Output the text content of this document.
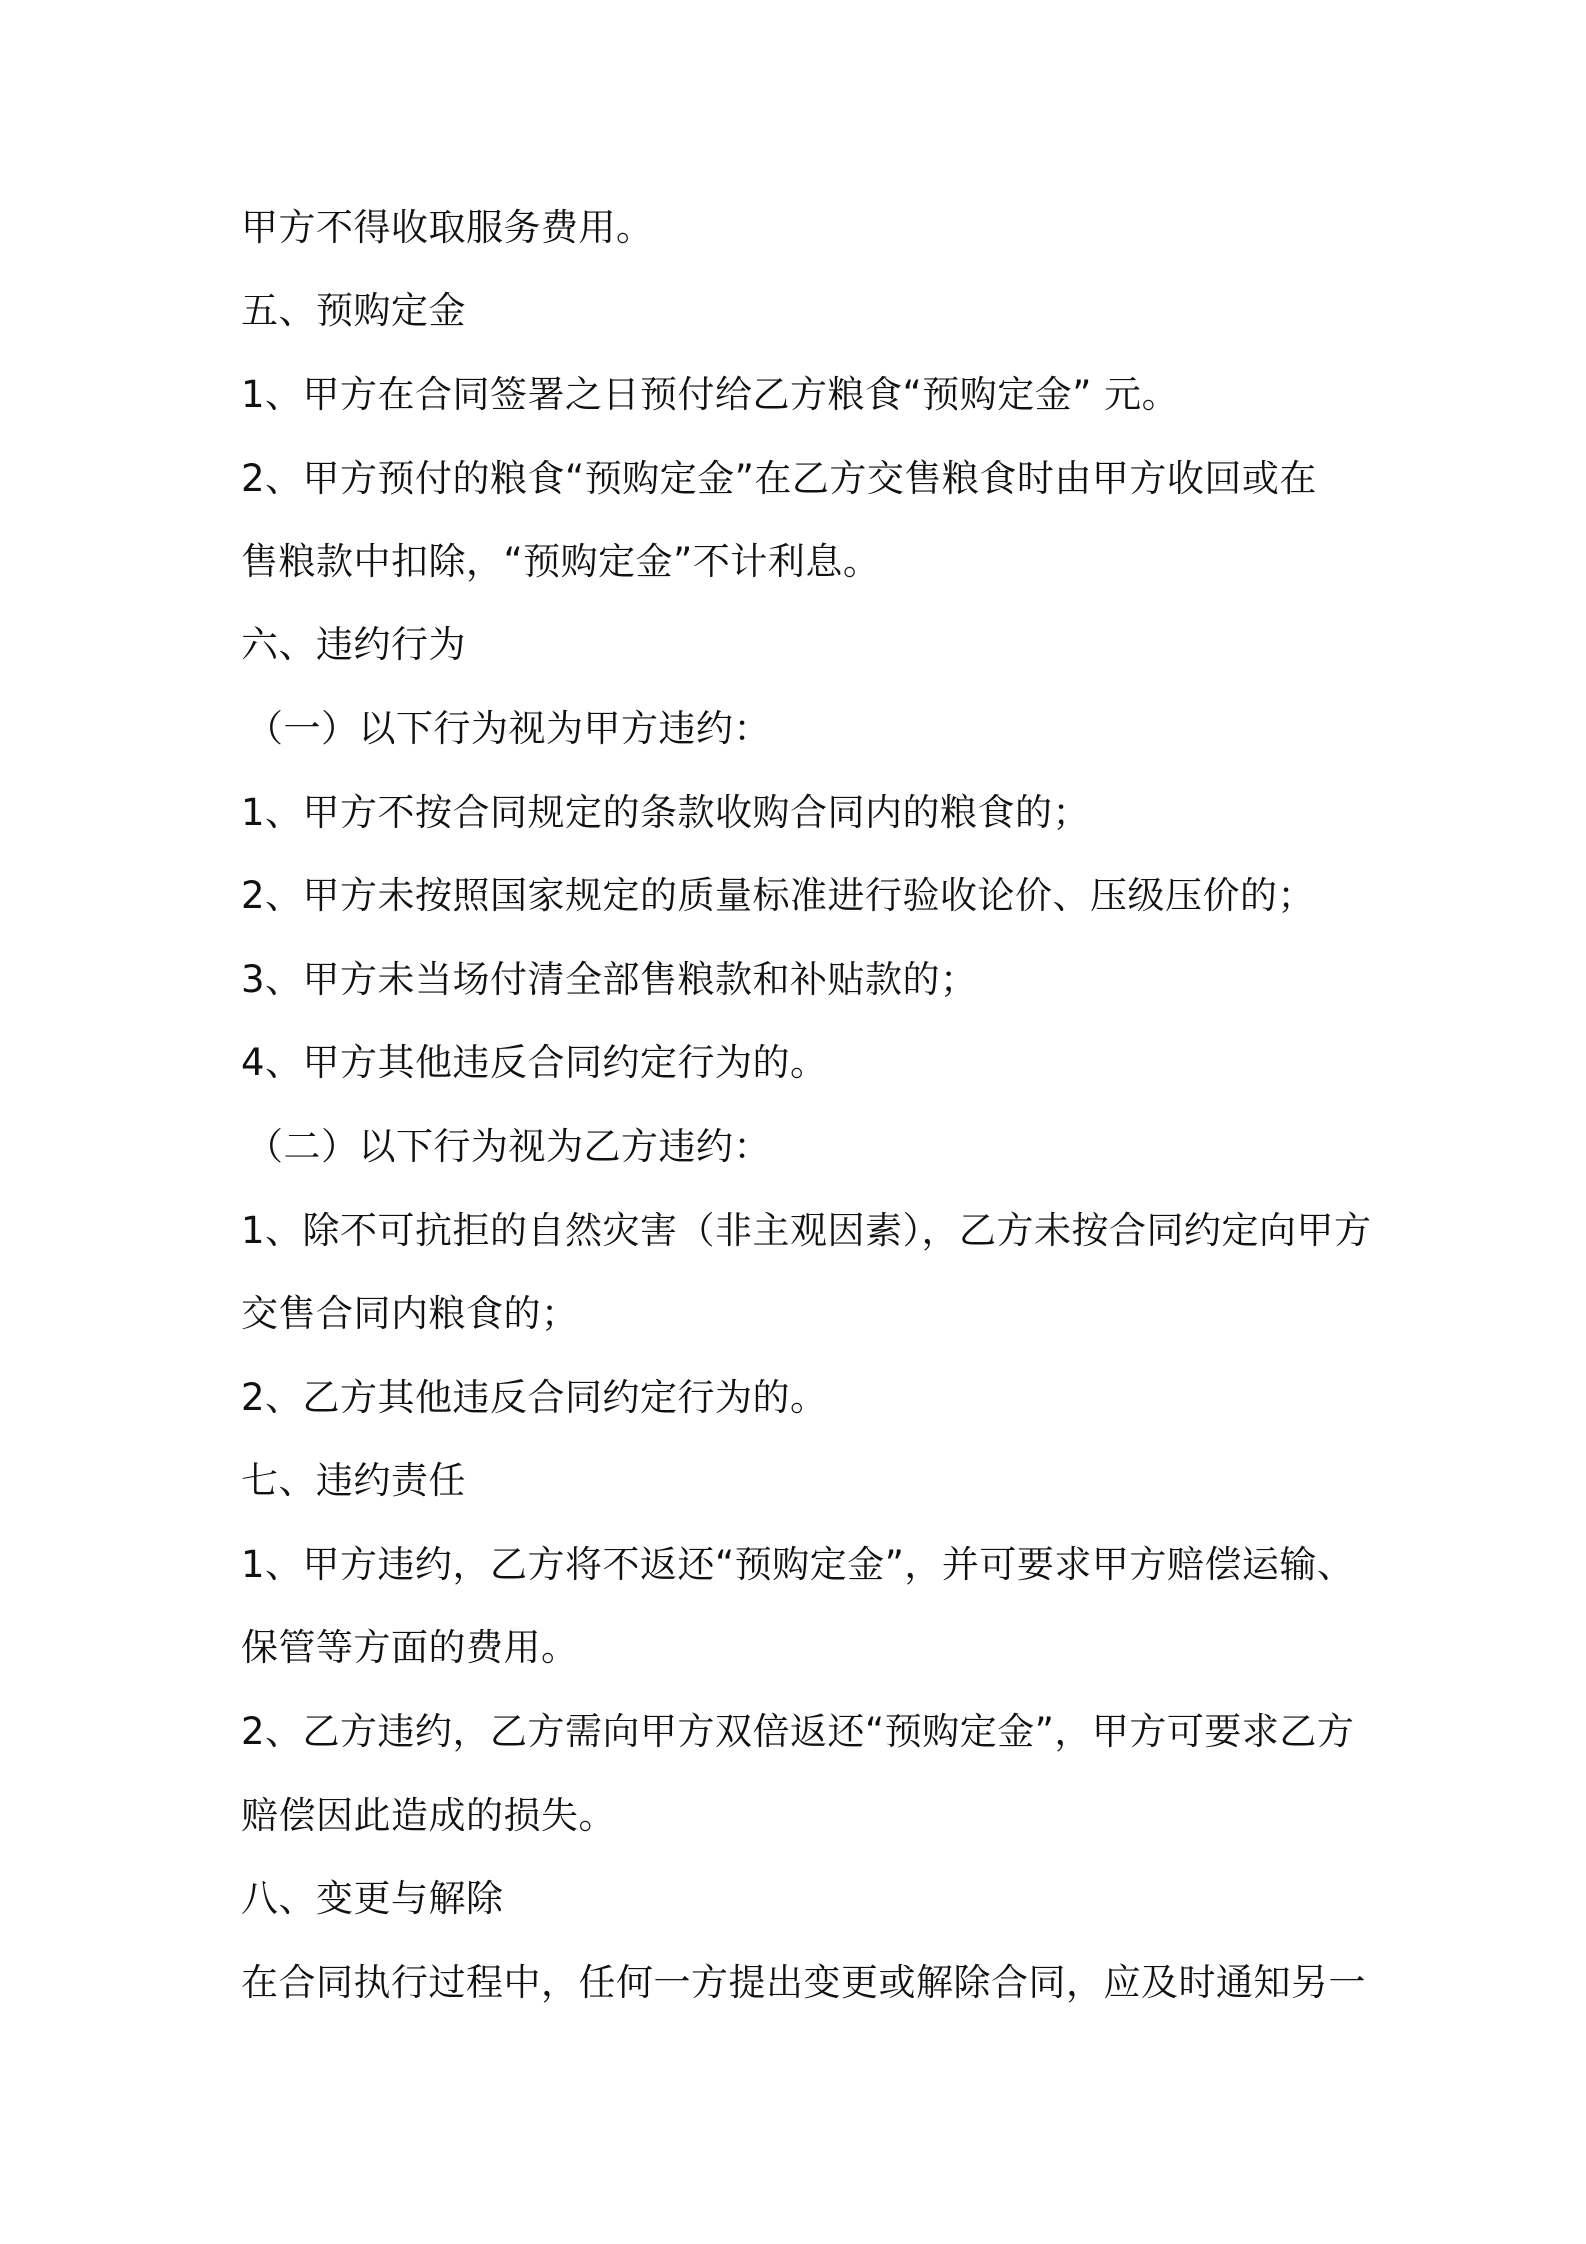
甲方不得收取服务费用。
五、预购定金
1、甲方在合同签署之日预付给乙方粮食“预购定金” 元。
2、甲方预付的粮食“预购定金”在乙方交售粮食时由甲方收回或在
售粮款中扣除，“预购定金”不计利息。
六、违约行为
（一）以下行为视为甲方违约：
1、甲方不按合同规定的条款收购合同内的粮食的；
2、甲方未按照国家规定的质量标准进行验收论价、压级压价的；
3、甲方未当场付清全部售粮款和补贴款的；
4、甲方其他违反合同约定行为的。
（二）以下行为视为乙方违约：
1、除不可抗拒的自然灾害（非主观因素），乙方未按合同约定向甲方
交售合同内粮食的；
2、乙方其他违反合同约定行为的。
七、违约责任
1、甲方违约，乙方将不返还“预购定金”，并可要求甲方赔偿运输、
保管等方面的费用。
2、乙方违约，乙方需向甲方双倍返还“预购定金”，甲方可要求乙方
赔偿因此造成的损失。
八、变更与解除
在合同执行过程中，任何一方提出变更或解除合同，应及时通知另一
